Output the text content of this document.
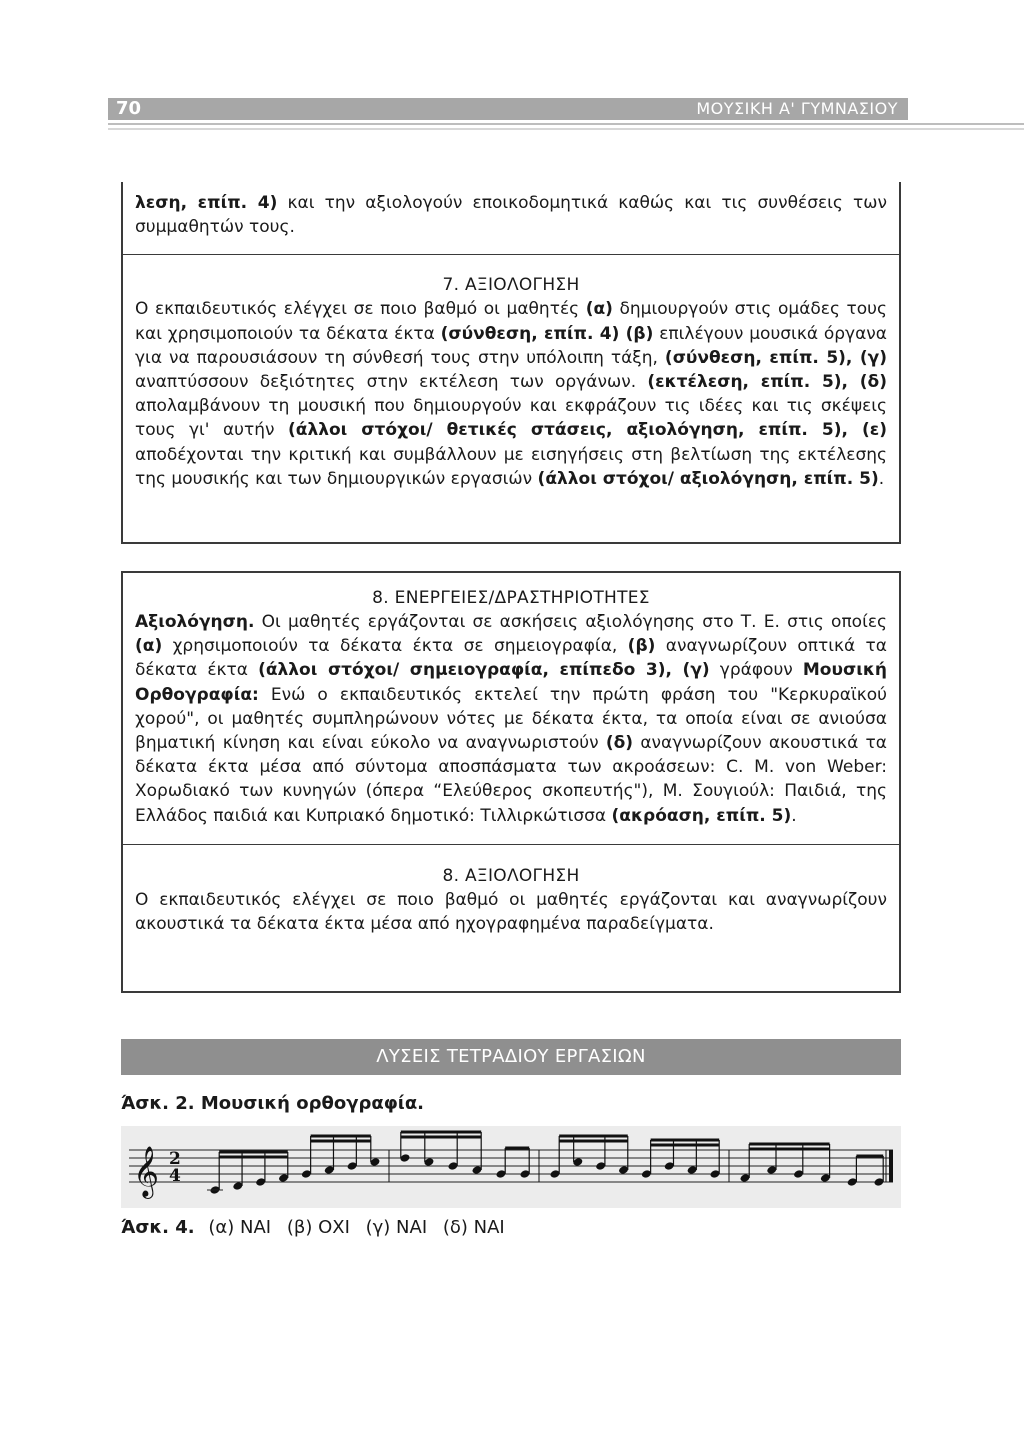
70	ΜΟΥΣΙΚΗ Α' ΓΥΜΝΑΣΙΟΥ
λεση, επίπ. 4) και την αξιολογούν εποικοδομητικά καθώς και τις συνθέσεις των συμμαθητών τους.
7. ΑΞΙΟΛΟΓΗΣΗ
Ο εκπαιδευτικός ελέγχει σε ποιο βαθμό οι μαθητές (α) δημιουργούν στις ομάδες τους και χρησιμοποιούν τα δέκατα έκτα (σύνθεση, επίπ. 4) (β) επιλέγουν μουσικά όργανα για να παρουσιάσουν τη σύνθεσή τους στην υπόλοιπη τάξη, (σύνθεση, επίπ. 5), (γ) αναπτύσσουν δεξιότητες στην εκτέλεση των οργάνων. (εκτέλεση, επίπ. 5), (δ) απολαμβάνουν τη μουσική που δημιουργούν και εκφράζουν τις ιδέες και τις σκέψεις τους γι' αυτήν (άλλοι στόχοι/ θετικές στάσεις, αξιολόγηση, επίπ. 5), (ε) αποδέχονται την κριτική και συμβάλλουν με εισηγήσεις στη βελτίωση της εκτέλεσης της μουσικής και των δημιουργικών εργασιών (άλλοι στόχοι/ αξιολόγηση, επίπ. 5).
8. ΕΝΕΡΓΕΙΕΣ/ΔΡΑΣΤΗΡΙΟΤΗΤΕΣ
Αξιολόγηση. Οι μαθητές εργάζονται σε ασκήσεις αξιολόγησης στο Τ. Ε. στις οποίες (α) χρησιμοποιούν τα δέκατα έκτα σε σημειογραφία, (β) αναγνωρίζουν οπτικά τα δέκατα έκτα (άλλοι στόχοι/ σημειογραφία, επίπεδο 3), (γ) γράφουν Μουσική Ορθογραφία: Ενώ ο εκπαιδευτικός εκτελεί την πρώτη φράση του "Κερκυραϊκού χορού", οι μαθητές συμπληρώνουν νότες με δέκατα έκτα, τα οποία είναι σε ανιούσα βηματική κίνηση και είναι εύκολο να αναγνωριστούν (δ) αναγνωρίζουν ακουστικά τα δέκατα έκτα μέσα από σύντομα αποσπάσματα των ακροάσεων: C. M. von Weber: Χορωδιακό των κυνηγών (όπερα “Ελεύθερος σκοπευτής"), Μ. Σουγιούλ: Παιδιά, της Ελλάδος παιδιά και Κυπριακό δημοτικό: Τιλλιρκώτισσα (ακρόαση, επίπ. 5).
8. ΑΞΙΟΛΟΓΗΣΗ
Ο εκπαιδευτικός ελέγχει σε ποιο βαθμό οι μαθητές εργάζονται και αναγνωρίζουν ακουστικά τα δέκατα έκτα μέσα από ηχογραφημένα παραδείγματα.
ΛΥΣΕΙΣ ΤΕΤΡΑΔΙΟΥ ΕΡΓΑΣΙΩΝ
Άσκ. 2. Μουσική ορθογραφία.
𝄞 2
4
Άσκ. 4. (α) ΝΑΙ (β) ΟΧΙ (γ) ΝΑΙ (δ) ΝΑΙ
